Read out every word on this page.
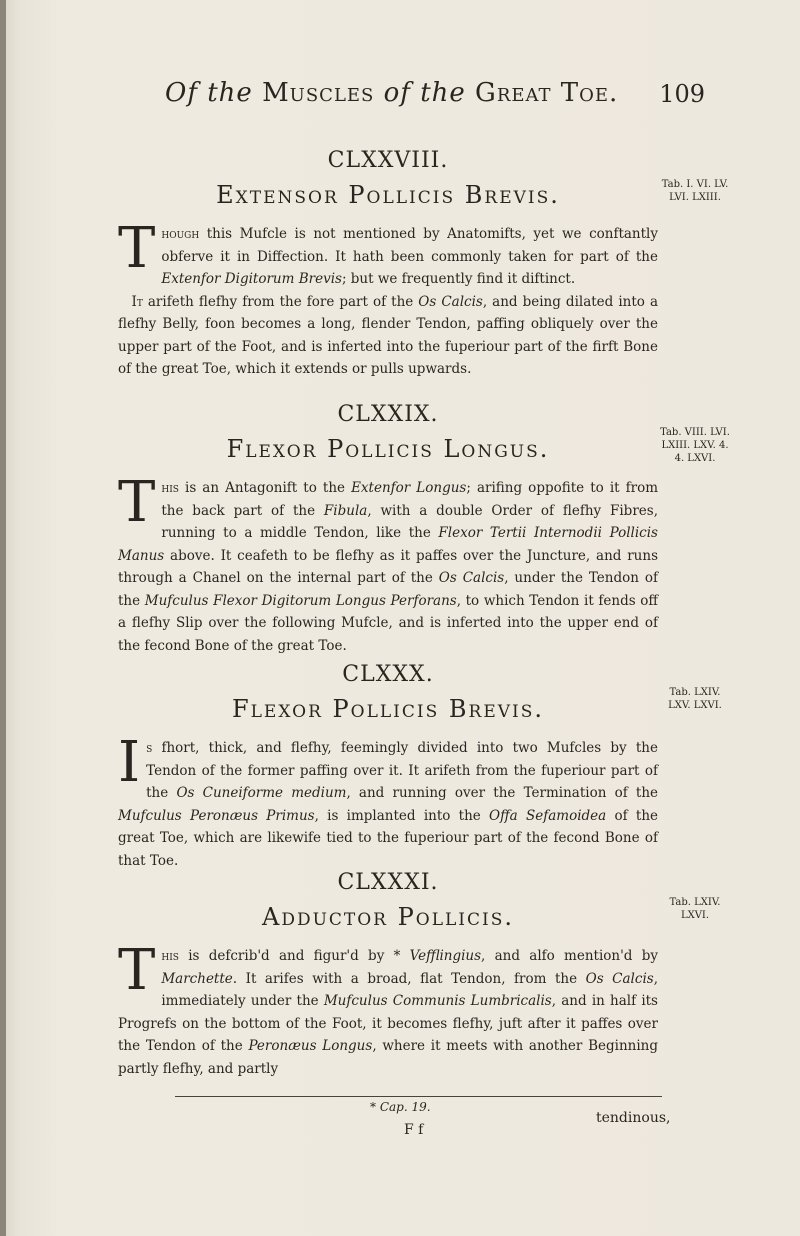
Of the Muscles of the Great Toe. 109

CLXXVIII.

Extensor Pollicis Brevis.

Though this Mufcle is not mentioned by Anatomifts, yet we conftantly obferve it in Diffection. It hath been commonly taken for part of the Extenfor Digitorum Brevis; but we frequently find it diftinct.

 It arifeth flefhy from the fore part of the Os Calcis, and being dilated into a flefhy Belly, foon becomes a long, flender Tendon, paffing obliquely over the upper part of the Foot, and is inferted into the fuperiour part of the firft Bone of the great Toe, which it extends or pulls upwards.

Tab. I. VI. LV. LVI. LXIII.

CLXXIX.

Flexor Pollicis Longus.

This is an Antagonift to the Extenfor Longus; arifing oppofite to it from the back part of the Fibula, with a double Order of flefhy Fibres, running to a middle Tendon, like the Flexor Tertii Internodii Pollicis Manus above. It ceafeth to be flefhy as it paffes over the Juncture, and runs through a Chanel on the internal part of the Os Calcis, under the Tendon of the Mufculus Flexor Digitorum Longus Perforans, to which Tendon it fends off a flefhy Slip over the following Mufcle, and is inferted into the upper end of the fecond Bone of the great Toe.

Tab. VIII. LVI. LXIII. LXV. 4. 4. LXVI.

CLXXX.

Flexor Pollicis Brevis.

Is fhort, thick, and flefhy, feemingly divided into two Mufcles by the Tendon of the former paffing over it. It arifeth from the fuperiour part of the Os Cuneiforme medium, and running over the Termination of the Mufculus Peronæus Primus, is implanted into the Offa Sefamoidea of the great Toe, which are likewife tied to the fuperiour part of the fecond Bone of that Toe.

Tab. LXIV. LXV. LXVI.

CLXXXI.

Adductor Pollicis.

This is defcrib'd and figur'd by * Vefflingius, and alfo mention'd by Marchette. It arifes with a broad, flat Tendon, from the Os Calcis, immediately under the Mufculus Communis Lumbricalis, and in half its Progrefs on the bottom of the Foot, it becomes flefhy, juft after it paffes over the Tendon of the Peronæus Longus, where it meets with another Beginning partly flefhy, and partly

Tab. LXIV. LXVI.
* Cap. 19.
F f
tendinous,
